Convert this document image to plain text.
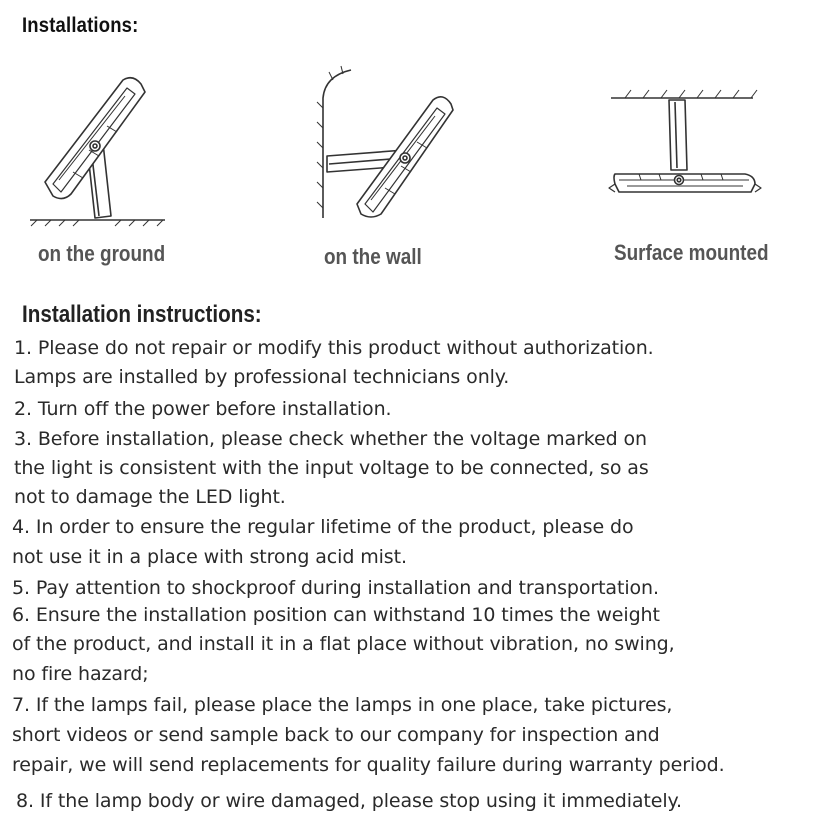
Installations:
on the ground	on the wall	Surface mounted
Installation instructions:
1. Please do not repair or modify this product without authorization.
Lamps are installed by professional technicians only.
2. Turn off the power before installation.
3. Before installation, please check whether the voltage marked on
the light is consistent with the input voltage to be connected, so as
not to damage the LED light.
4. In order to ensure the regular lifetime of the product, please do
not use it in a place with strong acid mist.
5. Pay attention to shockproof during installation and transportation.
6. Ensure the installation position can withstand 10 times the weight
of the product, and install it in a flat place without vibration, no swing,
no fire hazard;
7. If the lamps fail, please place the lamps in one place, take pictures,
short videos or send sample back to our company for inspection and
repair, we will send replacements for quality failure during warranty period.
8. If the lamp body or wire damaged, please stop using it immediately.
